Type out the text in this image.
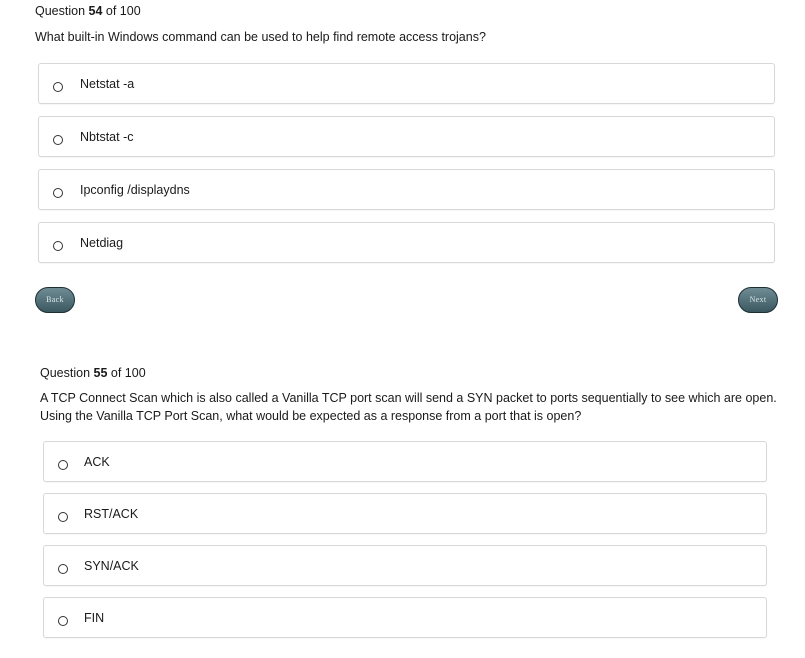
Question 54 of 100
What built-in Windows command can be used to help find remote access trojans?
Netstat -a
Nbtstat -c
Ipconfig /displaydns
Netdiag
Back	Next
Question 55 of 100
A TCP Connect Scan which is also called a Vanilla TCP port scan will send a SYN packet to ports sequentially to see which are open.
Using the Vanilla TCP Port Scan, what would be expected as a response from a port that is open?
ACK
RST/ACK
SYN/ACK
FIN
